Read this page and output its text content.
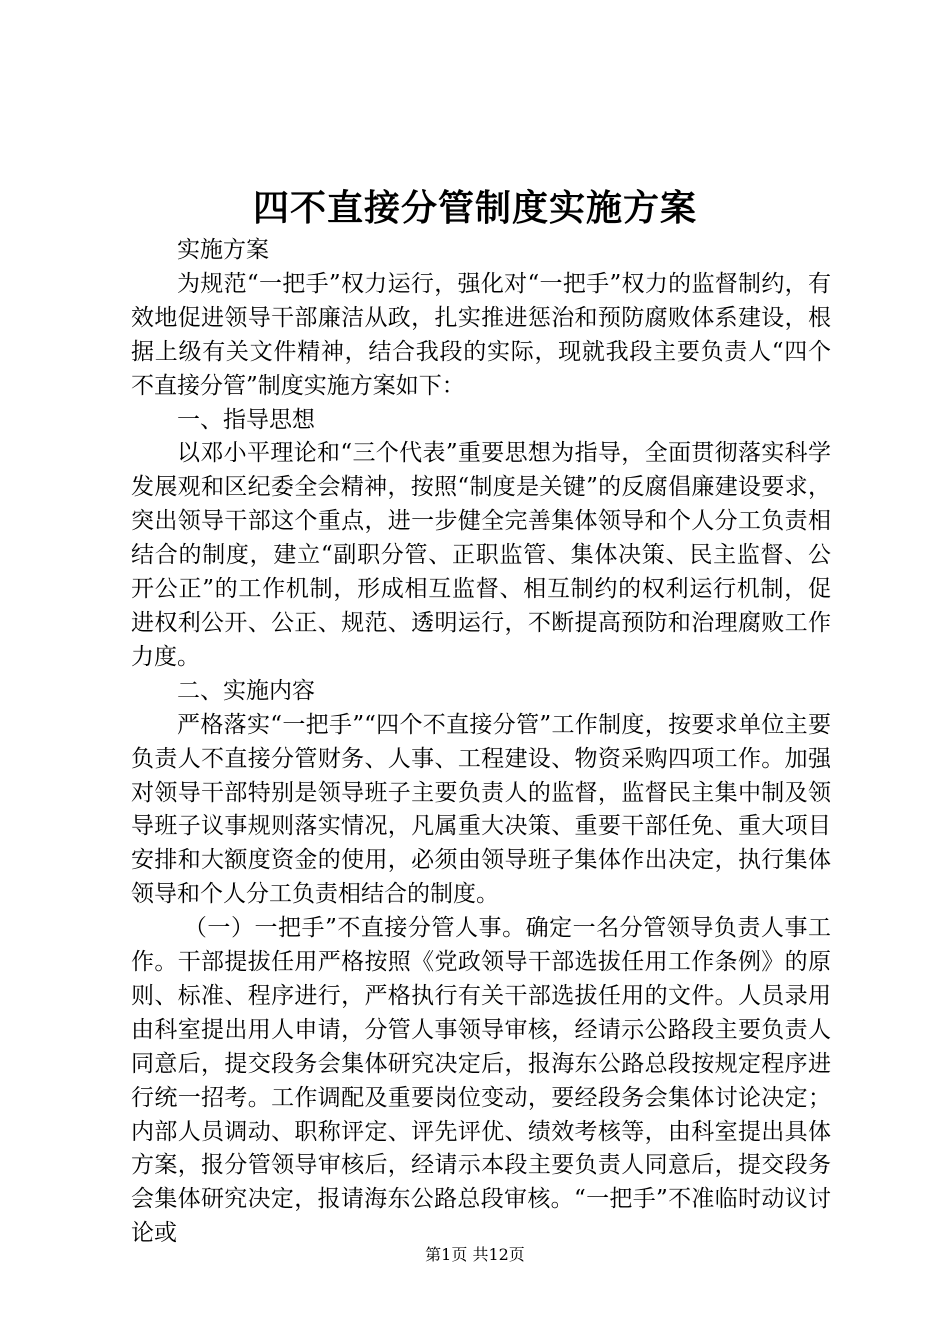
四不直接分管制度实施方案

实施方案

为规范“一把手”权力运行，强化对“一把手”权力的监督制约，有效地促进领导干部廉洁从政，扎实推进惩治和预防腐败体系建设，根据上级有关文件精神，结合我段的实际，现就我段主要负责人“四个不直接分管”制度实施方案如下：

一、指导思想

以邓小平理论和“三个代表”重要思想为指导，全面贯彻落实科学发展观和区纪委全会精神，按照“制度是关键”的反腐倡廉建设要求，突出领导干部这个重点，进一步健全完善集体领导和个人分工负责相结合的制度，建立“副职分管、正职监管、集体决策、民主监督、公开公正”的工作机制，形成相互监督、相互制约的权利运行机制，促进权利公开、公正、规范、透明运行，不断提高预防和治理腐败工作力度。

二、实施内容

严格落实“一把手”“四个不直接分管”工作制度，按要求单位主要负责人不直接分管财务、人事、工程建设、物资采购四项工作。加强对领导干部特别是领导班子主要负责人的监督，监督民主集中制及领导班子议事规则落实情况，凡属重大决策、重要干部任免、重大项目安排和大额度资金的使用，必须由领导班子集体作出决定，执行集体领导和个人分工负责相结合的制度。

（一）一把手”不直接分管人事。确定一名分管领导负责人事工作。干部提拔任用严格按照《党政领导干部选拔任用工作条例》的原则、标准、程序进行，严格执行有关干部选拔任用的文件。人员录用由科室提出用人申请，分管人事领导审核，经请示公路段主要负责人同意后，提交段务会集体研究决定后，报海东公路总段按规定程序进行统一招考。工作调配及重要岗位变动，要经段务会集体讨论决定；内部人员调动、职称评定、评先评优、绩效考核等，由科室提出具体方案，报分管领导审核后，经请示本段主要负责人同意后，提交段务会集体研究决定，报请海东公路总段审核。“一把手”不准临时动议讨论或

第1页 共12页
